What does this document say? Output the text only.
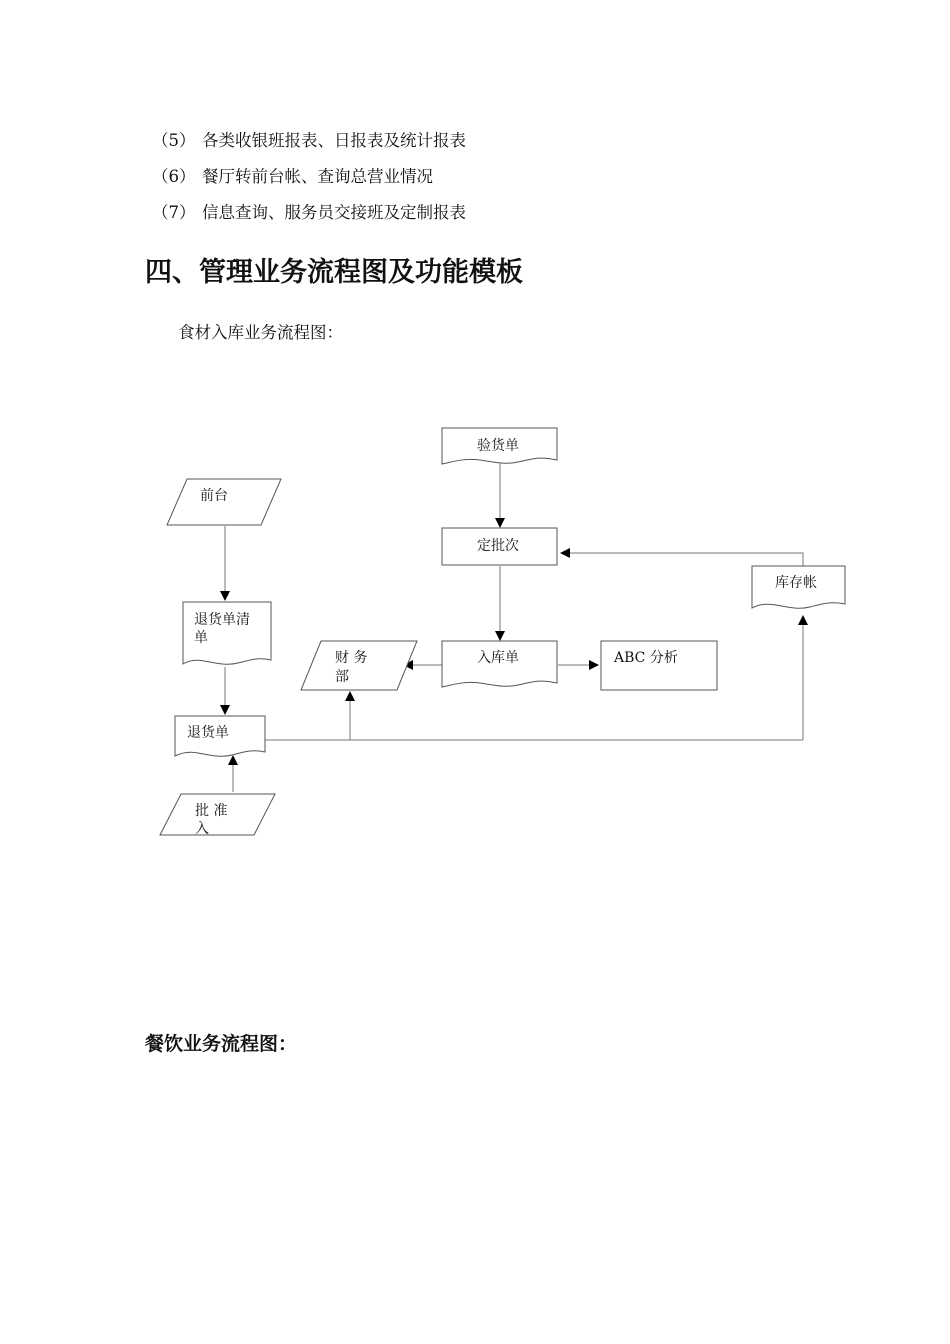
（5） 各类收银班报表、日报表及统计报表
（6） 餐厅转前台帐、查询总营业情况
（7） 信息查询、服务员交接班及定制报表
四、管理业务流程图及功能模板
食材入库业务流程图：
验货单
前台
定批次
库存帐
退货单清
单
财 务
部
入库单	ABC 分析
退货单
批 准
入
餐饮业务流程图：
